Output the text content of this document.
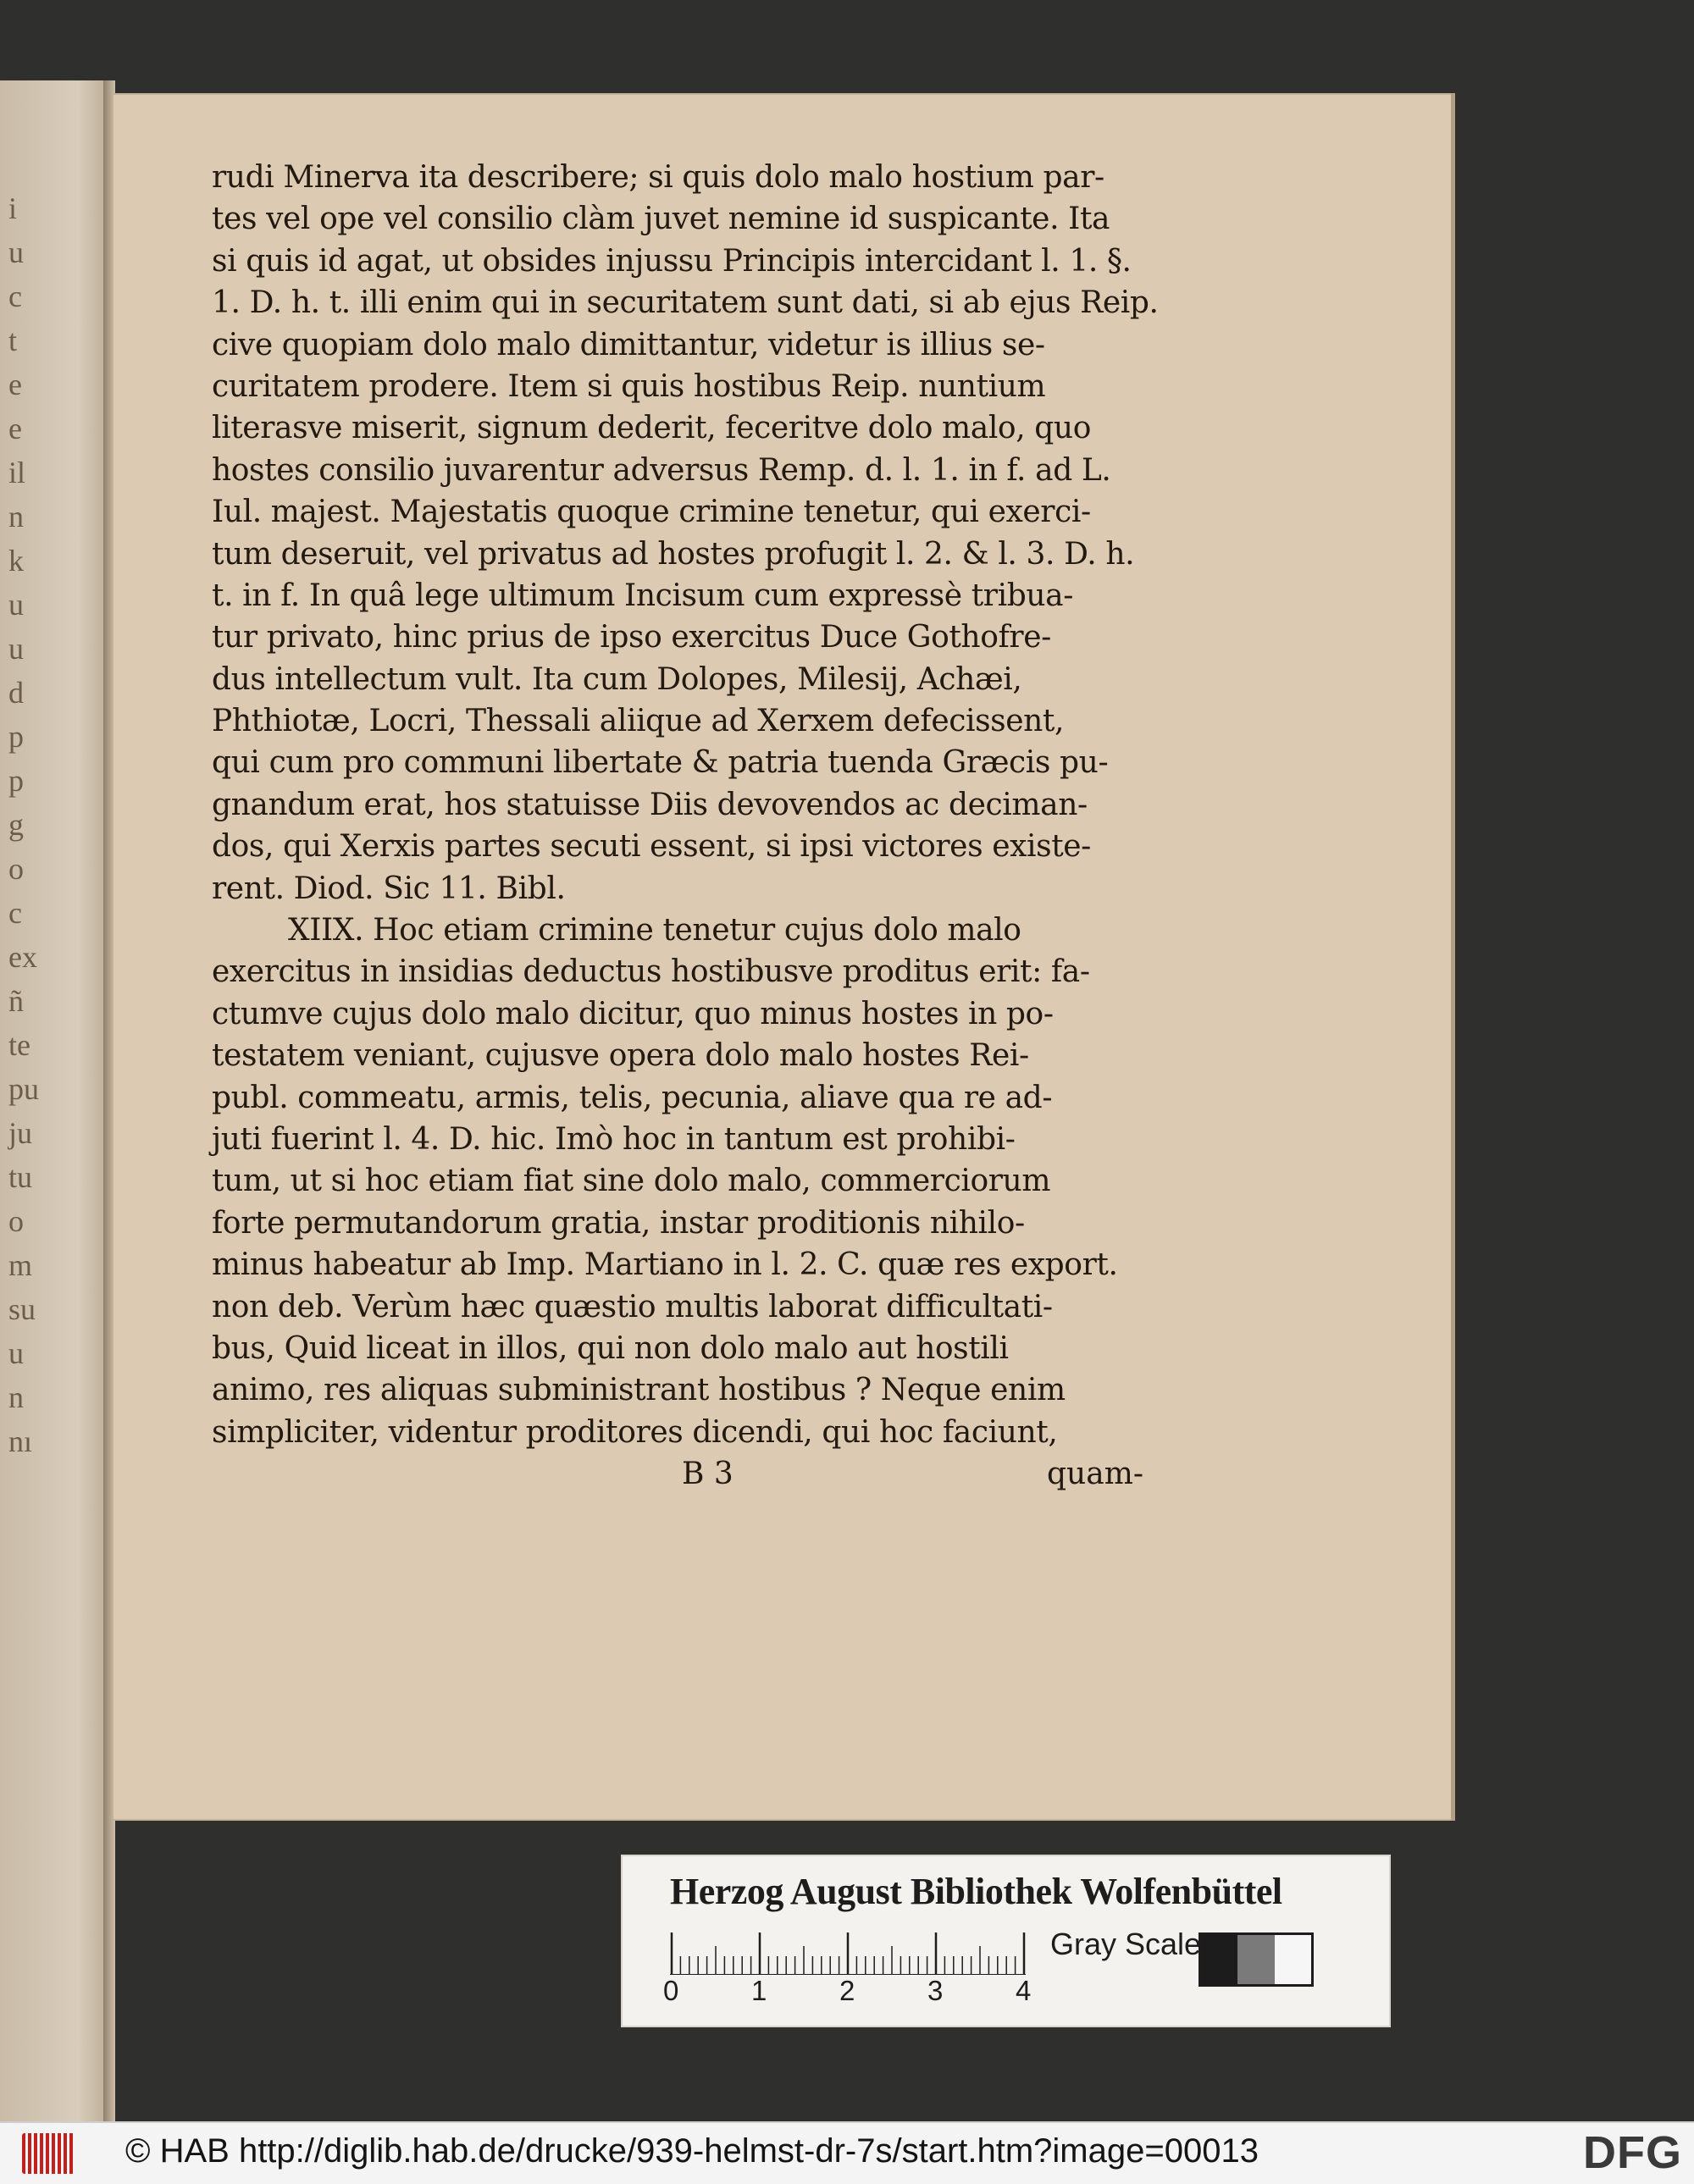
i
u
c
t
e
e
il
n
k
u
u
d
p
p
g
o
c
ex
ñ
te
pu
ju
tu
o
m
su
u
n
nı
rudi Minerva ita describere; si quis dolo malo hostium par-
tes vel ope vel consilio clàm juvet nemine id suspicante. Ita
si quis id agat, ut obsides injussu Principis intercidant l. 1. §.
1. D. h. t. illi enim qui in securitatem sunt dati, si ab ejus Reip.
cive quopiam dolo malo dimittantur, videtur is illius se-
curitatem prodere. Item si quis hostibus Reip. nuntium
literasve miserit, signum dederit, feceritve dolo malo, quo
hostes consilio juvarentur adversus Remp. d. l. 1. in f. ad L.
Iul. majest. Majestatis quoque crimine tenetur, qui exerci-
tum deseruit, vel privatus ad hostes profugit l. 2. & l. 3. D. h.
t. in f. In quâ lege ultimum Incisum cum expressè tribua-
tur privato, hinc prius de ipso exercitus Duce Gothofre-
dus intellectum vult. Ita cum Dolopes, Milesij, Achæi,
Phthiotæ, Locri, Thessali aliique ad Xerxem defecissent,
qui cum pro communi libertate & patria tuenda Græcis pu-
gnandum erat, hos statuisse Diis devovendos ac deciman-
dos, qui Xerxis partes secuti essent, si ipsi victores existe-
rent. Diod. Sic 11. Bibl.
XIIX. Hoc etiam crimine tenetur cujus dolo malo
exercitus in insidias deductus hostibusve proditus erit: fa-
ctumve cujus dolo malo dicitur, quo minus hostes in po-
testatem veniant, cujusve opera dolo malo hostes Rei-
publ. commeatu, armis, telis, pecunia, aliave qua re ad-
juti fuerint l. 4. D. hic. Imò hoc in tantum est prohibi-
tum, ut si hoc etiam fiat sine dolo malo, commerciorum
forte permutandorum gratia, instar proditionis nihilo-
minus habeatur ab Imp. Martiano in l. 2. C. quæ res export.
non deb. Verùm hæc quæstio multis laborat difficultati-
bus, Quid liceat in illos, qui non dolo malo aut hostili
animo, res aliquas subministrant hostibus ? Neque enim
simpliciter, videntur proditores dicendi, qui hoc faciunt,
B 3	quam-
Herzog August Bibliothek Wolfenbüttel
0	1	2	3	4
Gray Scale
© HAB http://diglib.hab.de/drucke/939-helmst-dr-7s/start.htm?image=00013	DFG
